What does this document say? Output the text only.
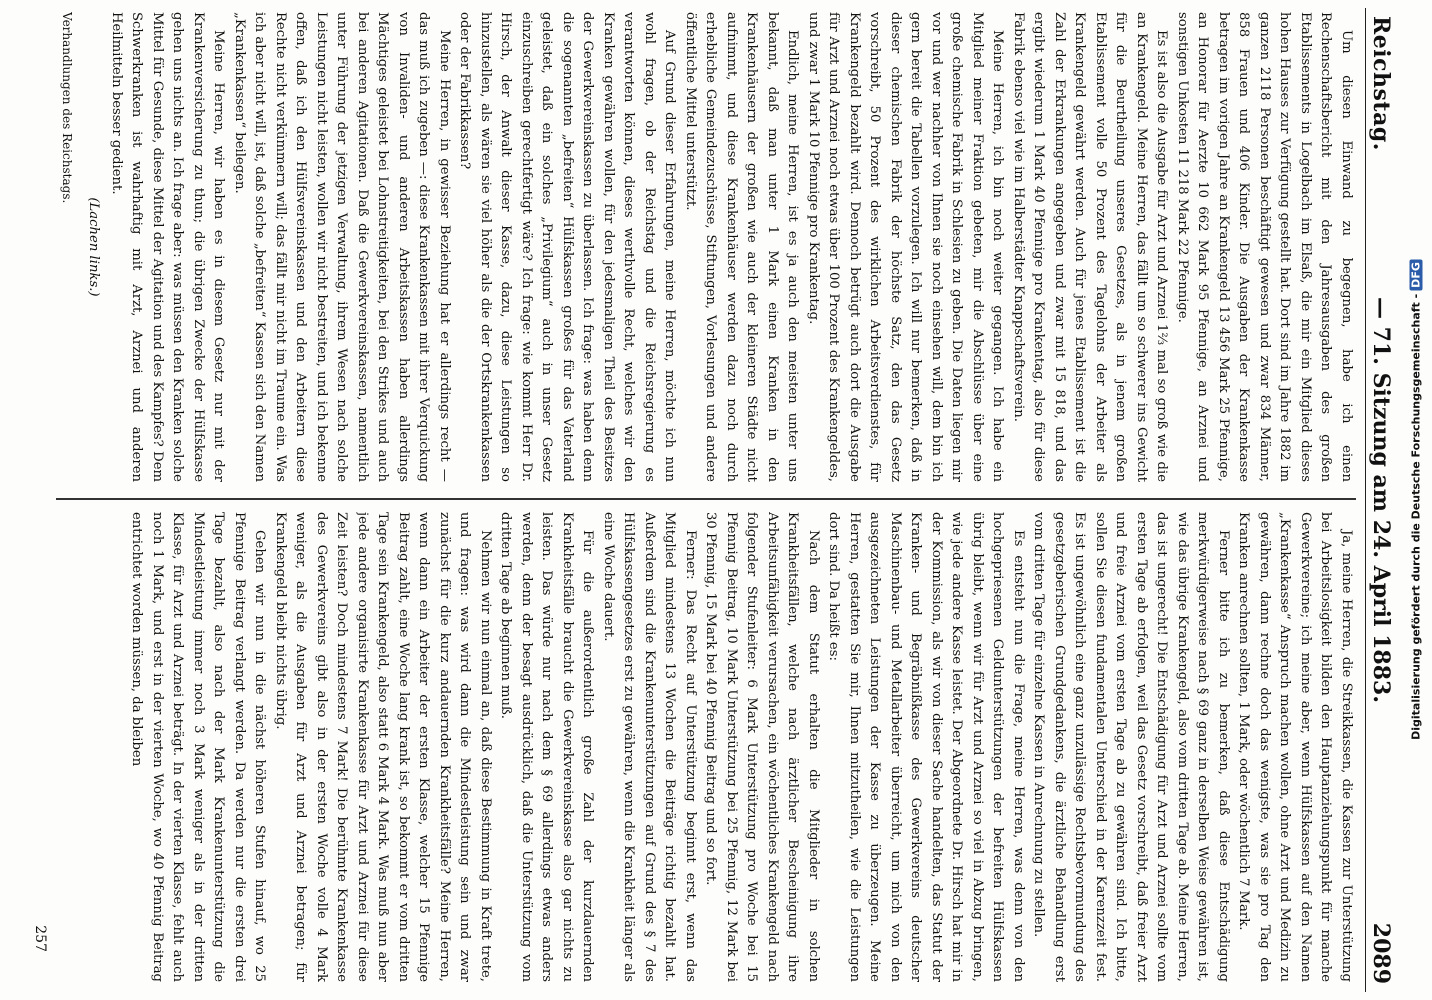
Reichstag.
— 71. Sitzung am 24. April 1883.
2089

Um diesen Einwand zu begegnen, habe ich einen Rechenschaftsbericht mit den Jahresausgaben des großen Etablissements in Logelbach im Elsaß, die mir ein Mitglied dieses hohen Hauses zur Verfügung gestellt hat. Dort sind im Jahre 1882 im ganzen 2118 Personen beschäftigt gewesen und zwar 834 Männer, 858 Frauen und 406 Kinder. Die Ausgaben der Krankenkasse betragen im vorigen Jahre an Krankengeld 13 456 Mark 25 Pfennige, an Honorar für Aerzte 10 662 Mark 95 Pfennige, an Arznei und sonstigen Unkosten 11 218 Mark 22 Pfennige.

Es ist also die Ausgabe für Arzt und Arznei 1⅔ mal so groß wie die an Krankengeld. Meine Herren, das fällt um so schwerer ins Gewicht für die Beurtheilung unseres Gesetzes, als in jenem großen Etablissement volle 50 Prozent des Tagelohns der Arbeiter als Krankengeld gewährt werden. Auch für jenes Etablissement ist die Zahl der Erkrankungen angegeben und zwar mit 15 818, und das ergibt wiederum 1 Mark 40 Pfennige pro Krankentag, also für diese Fabrik ebenso viel wie im Halberstädter Knappschaftsverein.

Meine Herren, ich bin noch weiter gegangen. Ich habe ein Mitglied meiner Fraktion gebeten, mir die Abschlüsse über eine große chemische Fabrik in Schlesien zu geben. Die Daten liegen mir vor und wer nachher von Ihnen sie noch einsehen will, dem bin ich gern bereit die Tabellen vorzulegen. Ich will nur bemerken, daß in dieser chemischen Fabrik der höchste Satz, den das Gesetz vorschreibt, 50 Prozent des wirklichen Arbeitsverdienstes, für Krankengeld bezahlt wird. Dennoch betrügt auch dort die Ausgabe für Arzt und Arznei noch etwas über 100 Prozent des Krankengeldes, und zwar 1 Mark 10 Pfennige pro Krankentag.

Endlich, meine Herren, ist es ja auch den meisten unter uns bekannt, daß man unter 1 Mark einen Kranken in den Krankenhäusern der großen wie auch der kleineren Städte nicht aufnimmt, und diese Krankenhäuser werden dazu noch durch erhebliche Gemeindezuschüsse, Stiftungen, Vorlesungen und andere öffentliche Mittel unterstützt.

Auf Grund dieser Erfahrungen, meine Herren, möchte ich nun wohl fragen, ob der Reichstag und die Reichsregierung es verantworten können, dieses werthvolle Recht, welches wir den Kranken gewähren wollen, für den jedesmaligen Theil des Besitzes der Gewerkvereinskassen zu überlassen. Ich frage: was haben denn die sogenannten „befreiten“ Hülfskassen großes für das Vaterland geleistet, daß ein solches „Privilegium“ auch in unser Gesetz einzuschreiben gerechtfertigt wäre? Ich frage: wie kommt Herr Dr. Hirsch, der Anwalt dieser Kasse, dazu, diese Leistungen so hinzustellen, als wären sie viel höher als die der Ortskrankenkassen oder der Fabrikkassen?

Meine Herren, in gewisser Beziehung hat er allerdings recht — das muß ich zugeben —: diese Krankenkassen mit ihrer Verquickung von Invaliden- und anderen Arbeitskassen haben allerdings Mächtiges geleistet bei Lohnstreitigkeiten, bei den Strikes und auch bei anderen Agitationen. Daß die Gewerkvereinskassen, namentlich unter Führung der jetzigen Verwaltung, ihrem Wesen nach solche Leistungen nicht leisten, wollen wir nicht bestreiten, und ich bekenne offen, daß ich den Hülfsvereinskassen und den Arbeitern diese Rechte nicht verkümmern will; das fällt mir nicht im Traume ein. Was ich aber nicht will, ist, daß solche „befreiten“ Kassen sich den Namen „Krankenkassen“ beilegen.

Meine Herren, wir haben es in diesem Gesetz nur mit der Krankenversicherung zu thun; die übrigen Zwecke der Hülfskasse gehen uns nichts an. Ich frage aber: was müssen den Kranken solche Mittel für Gesunde, diese Mittel der Agitation und des Kampfes? Dem Schwerkranken ist wahrhaftig mit Arzt, Arznei und anderen Heilmitteln besser gedient.

(Lachen links.)

Verhandlungen des Reichstags.

Ja, meine Herren, die Streikkassen, die Kassen zur Unterstützung bei Arbeitslosigkeit bilden den Hauptanziehungspunkt für manche Gewerkvereine; ich meine aber, wenn Hülfskassen auf den Namen „Krankenkasse“ Anspruch machen wollen, ohne Arzt und Medizin zu gewähren, dann rechne doch das wenigste, was sie pro Tag den Kranken anrechnen sollten, 1 Mark, oder wöchentlich 7 Mark.

Ferner bitte ich zu bemerken, daß diese Entschädigung merkwürdigerweise nach § 69 ganz in derselben Weise gewähren ist, wie das übrige Krankengeld, also vom dritten Tage ab. Meine Herren, das ist ungerecht! Die Entschädigung für Arzt und Arznei sollte vom ersten Tage ab erfolgen, weil das Gesetz vorschreibt, daß freier Arzt und freie Arznei vom ersten Tage ab zu gewähren sind. Ich bitte, sollen Sie diesen fundamentalen Unterschied in der Karenzzeit fest. Es ist ungewöhnlich eine ganz unzulässige Rechtsbevormundung des gesetzgeberischen Grundgedankens, die ärztliche Behandlung erst vom dritten Tage für einzelne Kassen in Anrechnung zu stellen.

Es entsteht nun die Frage, meine Herren, was denn von den hochgepriesenen Geldunterstützungen der befreiten Hülfskassen übrig bleibt, wenn wir für Arzt und Arznei so viel in Abzug bringen, wie jede andere Kasse leistet. Der Abgeordnete Dr. Hirsch hat mir in der Kommission, als wir von dieser Sache handelten, das Statut der Kranken- und Begräbnißkasse des Gewerkvereins deutscher Maschinenbau- und Metallarbeiter überreicht, um mich von den ausgezeichneten Leistungen der Kasse zu überzeugen. Meine Herren, gestatten Sie mir, Ihnen mitzutheilen, wie die Leistungen dort sind. Da heißt es:

Nach dem Statut erhalten die Mitglieder in solchen Krankheitsfällen, welche nach ärztlicher Bescheinigung ihre Arbeitsunfähigkeit verursachen, ein wöchentliches Krankengeld nach folgender Stufenleiter: 6 Mark Unterstützung pro Woche bei 15 Pfennig Beitrag, 10 Mark Unterstützung bei 25 Pfennig, 12 Mark bei 30 Pfennig, 15 Mark bei 40 Pfennig Beitrag und so fort.

Ferner: Das Recht auf Unterstützung beginnt erst, wenn das Mitglied mindestens 13 Wochen die Beiträge richtig bezahlt hat. Außerdem sind die Krankenunterstützungen auf Grund des § 7 des Hülfskassengesetzes erst zu gewähren, wenn die Krankheit länger als eine Woche dauert.

Für die außerordentlich große Zahl der kurzdauernden Krankheitsfälle braucht die Gewerkvereinskasse also gar nichts zu leisten. Das würde nur nach dem § 69 allerdings etwas anders werden, denn der besagt ausdrücklich, daß die Unterstützung vom dritten Tage ab beginnen muß.

Nehmen wir nun einmal an, daß diese Bestimmung in Kraft trete, und fragen: was wird dann die Mindestleistung sein und zwar zunächst für die kurz andauernden Krankheitsfälle? Meine Herren, wenn dann ein Arbeiter der ersten Klasse, welcher 15 Pfennige Beitrag zahlt, eine Woche lang krank ist, so bekommt er vom dritten Tage sein Krankengeld, also statt 6 Mark 4 Mark. Was muß nun aber jede andere organisirte Krankenkasse für Arzt und Arznei für diese Zeit leisten? Doch mindestens 7 Mark! Die berühmte Krankenkasse des Gewerkvereins gibt also in der ersten Woche volle 4 Mark weniger, als die Ausgaben für Arzt und Arznei betragen; für Krankengeld bleibt nichts übrig.

Gehen wir nun in die nächst höheren Stufen hinauf, wo 25 Pfennige Beitrag verlangt werden. Da werden nur die ersten drei Tage bezahlt, also nach der Mark Krankenunterstützung die Mindestleistung immer noch 3 Mark weniger als in der dritten Klasse, für Arzt und Arznei beträgt. In der vierten Klasse, fehlt auch noch 1 Mark, und erst in der vierten Woche, wo 40 Pfennig Beitrag entrichtet worden müssen, da bleiben

257
Digitalisierung gefördert durch die Deutsche Forschungsgemeinschaft -DFG
